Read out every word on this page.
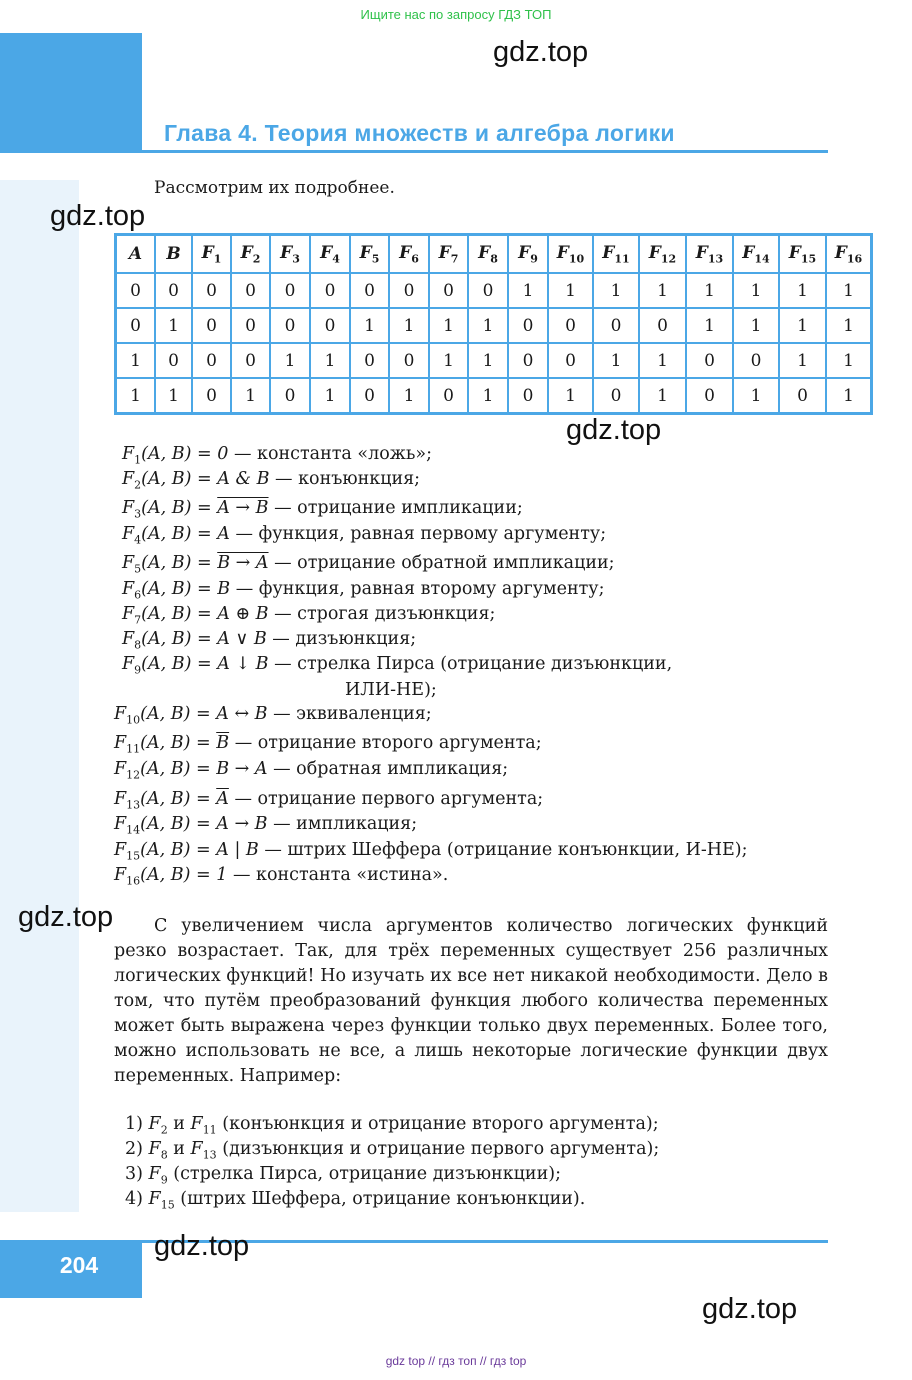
Ищите нас по запросу ГДЗ ТОП
gdz.top
Глава 4. Теория множеств и алгебра логики
Рассмотрим их подробнее.
gdz.top
A	B	$F_1$	$F_2$	$F_3$	$F_4$	$F_5$	$F_6$	$F_7$	$F_8$	$F_9$	$F_{10}$	$F_{11}$	$F_{12}$	$F_{13}$	$F_{14}$	$F_{15}$	$F_{16}$
0	0	0	0	0	0	0	0	0	0	1	1	1	1	1	1	1	1
0	1	0	0	0	0	1	1	1	1	0	0	0	0	1	1	1	1
1	0	0	0	1	1	0	0	1	1	0	0	1	1	0	0	1	1
1	1	0	1	0	1	0	1	0	1	0	1	0	1	0	1	0	1
gdz.top
$F_1(A$, B) = 0 — константа «ложь»;
$F_2(A$, B) = A & B — конъюнкция;
$F_3(A$, B) = A → B — отрицание импликации;
$F_4(A$, B) = A — функция, равная первому аргументу;
$F_5(A$, B) = B → A — отрицание обратной импликации;
$F_6(A$, B) = B — функция, равная второму аргументу;
$F_7(A$, B) = A ⊕ B — строгая дизъюнкция;
$F_8(A$, B) = A ∨ B — дизъюнкция;
$F_9(A$, B) = A ↓ B — стрелка Пирса (отрицание дизъюнкции,
ИЛИ-НЕ);
$F_{10}(A$, B) = A ↔ B — эквиваленция;
$F_{11}(A$, $B) = \overline{B}$ — отрицание второго аргумента;
$F_{12}(A$, B) = B → A — обратная импликация;
$F_{13}(A$, $B) = \overline{A}$ — отрицание первого аргумента;
$F_{14}(A$, B) = A → B — импликация;
$F_{15}(A$, B) = A | B — штрих Шеффера (отрицание конъюнкции, И-НЕ);
$F_{16}(A$, B) = 1 — константа «истина».
gdz.top	С увеличением числа аргументов количество логических функций резко возрастает. Так, для трёх переменных существует 256 различных логических функций! Но изучать их все нет никакой необходимости. Дело в том, что путём преобразований функция любого количества переменных может быть выражена через функции только двух переменных. Более того, можно использовать не все, а лишь некоторые логические функции двух переменных. Например:
1) $F_2$ и $F_{11}$ (конъюнкция и отрицание второго аргумента);
2) $F_8$ и $F_{13}$ (дизъюнкция и отрицание первого аргумента);
3) $F_9$ (стрелка Пирса, отрицание дизъюнкции);
4) $F_{15}$ (штрих Шеффера, отрицание конъюнкции).
204
gdz.top
gdz.top
gdz top // гдз топ // гдз top
